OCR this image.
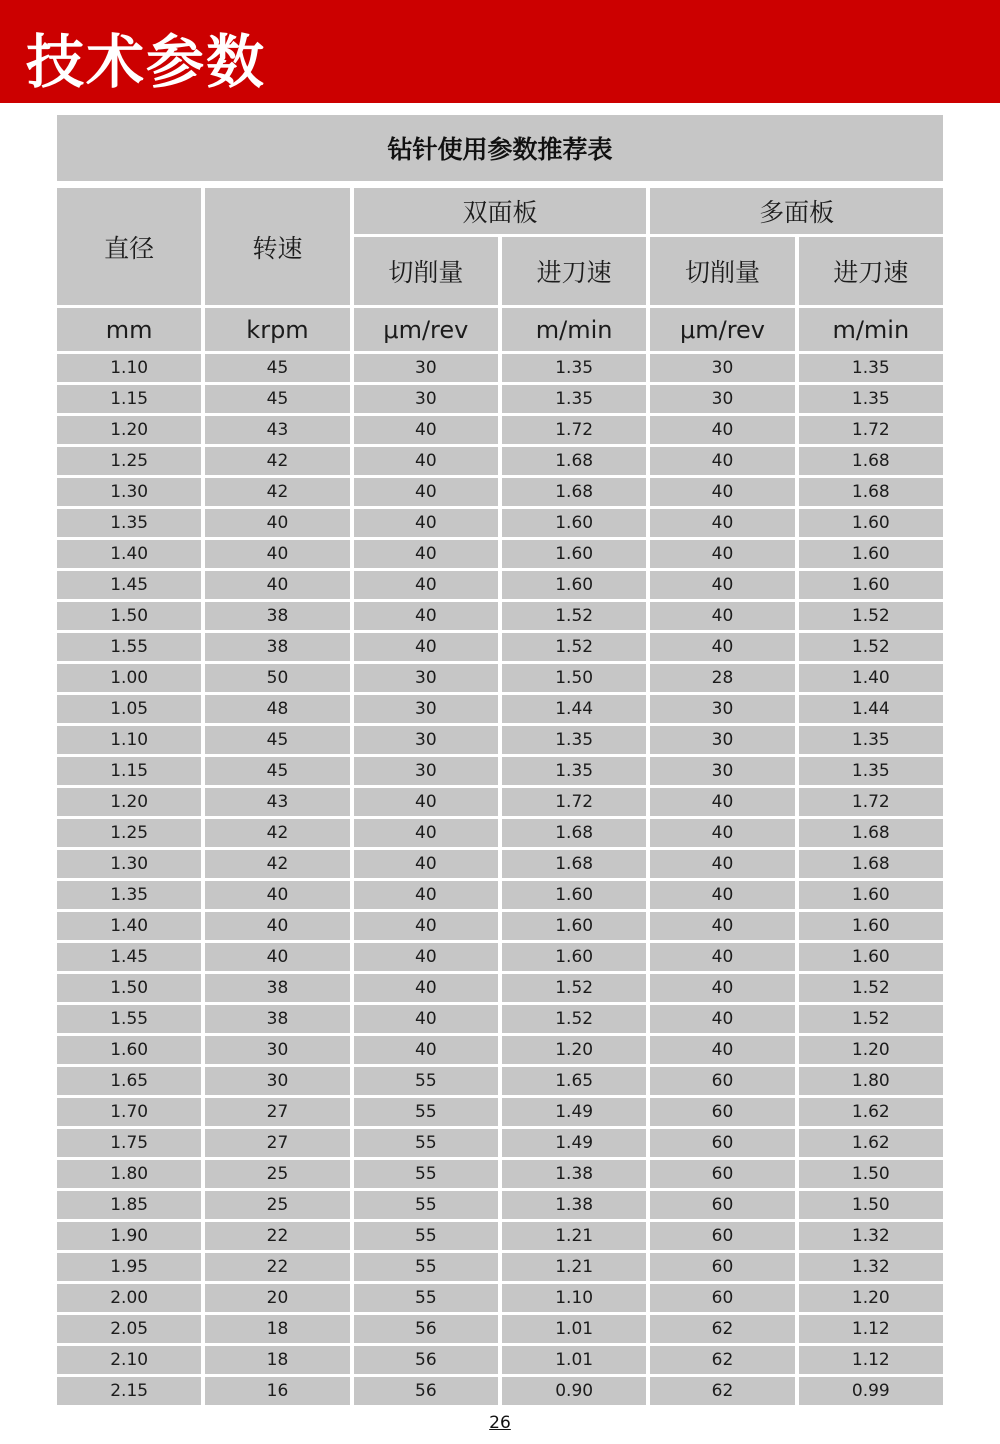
技术参数
钻针使用参数推荐表
直径	转速
双面板	多面板
切削量	进刀速	切削量	进刀速
mm	krpm	μm/rev	m/min	μm/rev	m/min
1.10	45	30	1.35	30	1.35
1.15	45	30	1.35	30	1.35
1.20	43	40	1.72	40	1.72
1.25	42	40	1.68	40	1.68
1.30	42	40	1.68	40	1.68
1.35	40	40	1.60	40	1.60
1.40	40	40	1.60	40	1.60
1.45	40	40	1.60	40	1.60
1.50	38	40	1.52	40	1.52
1.55	38	40	1.52	40	1.52
1.00	50	30	1.50	28	1.40
1.05	48	30	1.44	30	1.44
1.10	45	30	1.35	30	1.35
1.15	45	30	1.35	30	1.35
1.20	43	40	1.72	40	1.72
1.25	42	40	1.68	40	1.68
1.30	42	40	1.68	40	1.68
1.35	40	40	1.60	40	1.60
1.40	40	40	1.60	40	1.60
1.45	40	40	1.60	40	1.60
1.50	38	40	1.52	40	1.52
1.55	38	40	1.52	40	1.52
1.60	30	40	1.20	40	1.20
1.65	30	55	1.65	60	1.80
1.70	27	55	1.49	60	1.62
1.75	27	55	1.49	60	1.62
1.80	25	55	1.38	60	1.50
1.85	25	55	1.38	60	1.50
1.90	22	55	1.21	60	1.32
1.95	22	55	1.21	60	1.32
2.00	20	55	1.10	60	1.20
2.05	18	56	1.01	62	1.12
2.10	18	56	1.01	62	1.12
2.15	16	56	0.90	62	0.99
26
